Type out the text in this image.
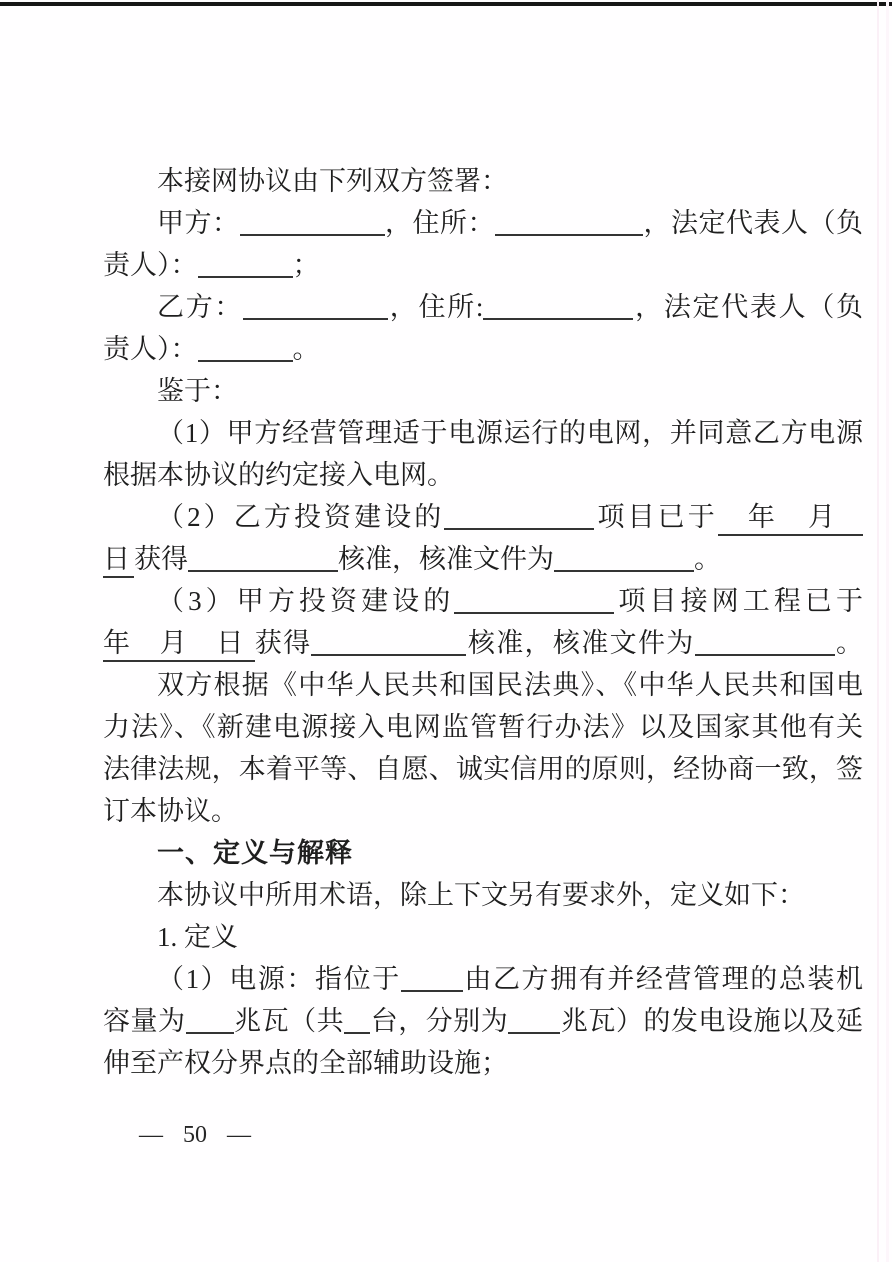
本接网协议由下列双方签署：
甲方：	，住所：	，法定代表人（负
责人）：	；
乙方：	，住所:	，法定代表人（负
责人）：	。
鉴于：
（1）甲方经营管理适于电源运行的电网，并同意乙方电源
根据本协议的约定接入电网。
（2）乙方投资建设的	项目已于 年　月
日 获得	核准，核准文件为	。
（3）甲方投资建设的	项目接网工程已于
年　月　日 获得	核准，核准文件为	。
双方根据《中华人民共和国民法典》、《中华人民共和国电
力法》、《新建电源接入电网监管暂行办法》以及国家其他有关
法律法规，本着平等、自愿、诚实信用的原则，经协商一致，签
订本协议。
一、定义与解释
本协议中所用术语，除上下文另有要求外，定义如下：
1. 定义
（1）电源：指位于 由乙方拥有并经营管理的总装机
容量为 兆瓦（共 台，分别为 兆瓦）的发电设施以及延
伸至产权分界点的全部辅助设施；
— 50 —
